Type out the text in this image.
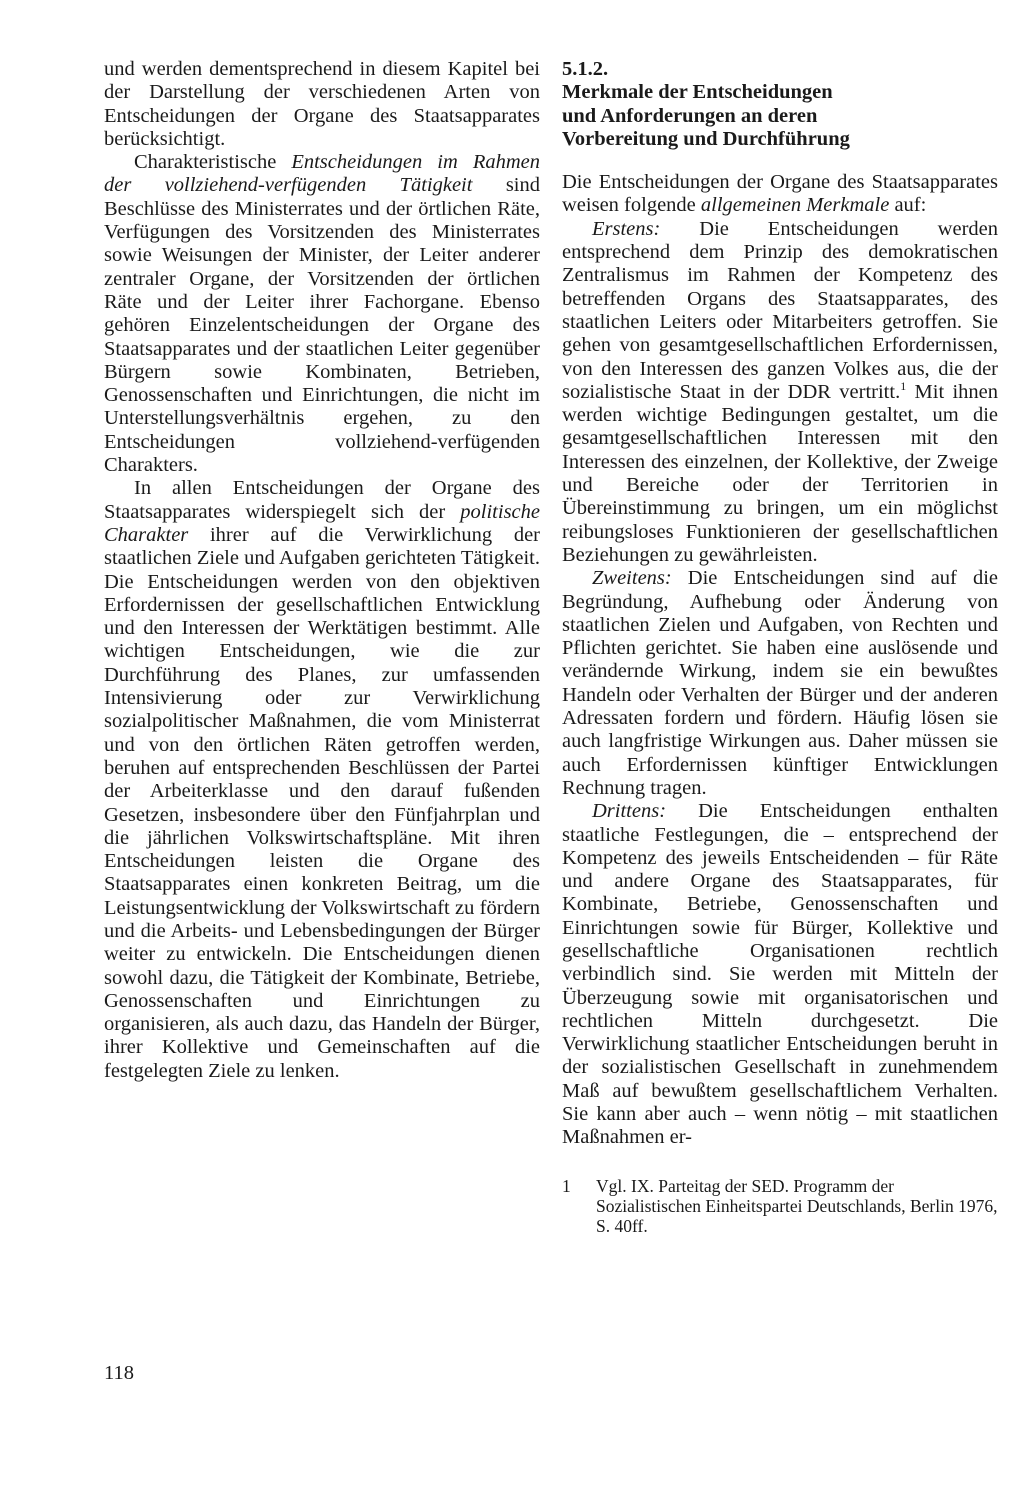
und werden dementsprechend in diesem Kapitel bei der Darstellung der verschiedenen Arten von Entscheidungen der Organe des Staatsapparates berücksichtigt.

Charakteristische Entscheidungen im Rahmen der vollziehend-verfügenden Tätigkeit sind Beschlüsse des Ministerrates und der örtlichen Räte, Verfügungen des Vorsitzenden des Ministerrates sowie Weisungen der Minister, der Leiter anderer zentraler Organe, der Vorsitzenden der örtlichen Räte und der Leiter ihrer Fachorgane. Ebenso gehören Einzelentscheidungen der Organe des Staatsapparates und der staatlichen Leiter gegenüber Bürgern sowie Kombinaten, Betrieben, Genossenschaften und Einrichtungen, die nicht im Unterstellungsverhältnis ergehen, zu den Entscheidungen vollziehend-verfügenden Charakters.

In allen Entscheidungen der Organe des Staatsapparates widerspiegelt sich der politische Charakter ihrer auf die Verwirklichung der staatlichen Ziele und Aufgaben gerichteten Tätigkeit. Die Entscheidungen werden von den objektiven Erfordernissen der gesellschaftlichen Entwicklung und den Interessen der Werktätigen bestimmt. Alle wichtigen Entscheidungen, wie die zur Durchführung des Planes, zur umfassenden Intensivierung oder zur Verwirklichung sozialpolitischer Maßnahmen, die vom Ministerrat und von den örtlichen Räten getroffen werden, beruhen auf entsprechenden Beschlüssen der Partei der Arbeiterklasse und den darauf fußenden Gesetzen, insbesondere über den Fünfjahrplan und die jährlichen Volkswirtschaftspläne. Mit ihren Entscheidungen leisten die Organe des Staatsapparates einen konkreten Beitrag, um die Leistungsentwicklung der Volkswirtschaft zu fördern und die Arbeits- und Lebensbedingungen der Bürger weiter zu entwickeln. Die Entscheidungen dienen sowohl dazu, die Tätigkeit der Kombinate, Betriebe, Genossenschaften und Einrichtungen zu organisieren, als auch dazu, das Handeln der Bürger, ihrer Kollektive und Gemeinschaften auf die festgelegten Ziele zu lenken.

5.1.2.
Merkmale der Entscheidungen
und Anforderungen an deren
Vorbereitung und Durchführung

Die Entscheidungen der Organe des Staatsapparates weisen folgende allgemeinen Merkmale auf:

Erstens: Die Entscheidungen werden entsprechend dem Prinzip des demokratischen Zentralismus im Rahmen der Kompetenz des betreffenden Organs des Staatsapparates, des staatlichen Leiters oder Mitarbeiters getroffen. Sie gehen von gesamtgesellschaftlichen Erfordernissen, von den Interessen des ganzen Volkes aus, die der sozialistische Staat in der DDR vertritt.$^1$ Mit ihnen werden wichtige Bedingungen gestaltet, um die gesamtgesellschaftlichen Interessen mit den Interessen des einzelnen, der Kollektive, der Zweige und Bereiche oder der Territorien in Übereinstimmung zu bringen, um ein möglichst reibungsloses Funktionieren der gesellschaftlichen Beziehungen zu gewährleisten.

Zweitens: Die Entscheidungen sind auf die Begründung, Aufhebung oder Änderung von staatlichen Zielen und Aufgaben, von Rechten und Pflichten gerichtet. Sie haben eine auslösende und verändernde Wirkung, indem sie ein bewußtes Handeln oder Verhalten der Bürger und der anderen Adressaten fordern und fördern. Häufig lösen sie auch langfristige Wirkungen aus. Daher müssen sie auch Erfordernissen künftiger Entwicklungen Rechnung tragen.

Drittens: Die Entscheidungen enthalten staatliche Festlegungen, die – entsprechend der Kompetenz des jeweils Entscheidenden – für Räte und andere Organe des Staatsapparates, für Kombinate, Betriebe, Genossenschaften und Einrichtungen sowie für Bürger, Kollektive und gesellschaftliche Organisationen rechtlich verbindlich sind. Sie werden mit Mitteln der Überzeugung sowie mit organisatorischen und rechtlichen Mitteln durchgesetzt. Die Verwirklichung staatlicher Entscheidungen beruht in der sozialistischen Gesellschaft in zunehmendem Maß auf bewußtem gesellschaftlichem Verhalten. Sie kann aber auch – wenn nötig – mit staatlichen Maßnahmen er-

1 Vgl. IX. Parteitag der SED. Programm der Sozialistischen Einheitspartei Deutschlands, Berlin 1976, S. 40ff.
118
